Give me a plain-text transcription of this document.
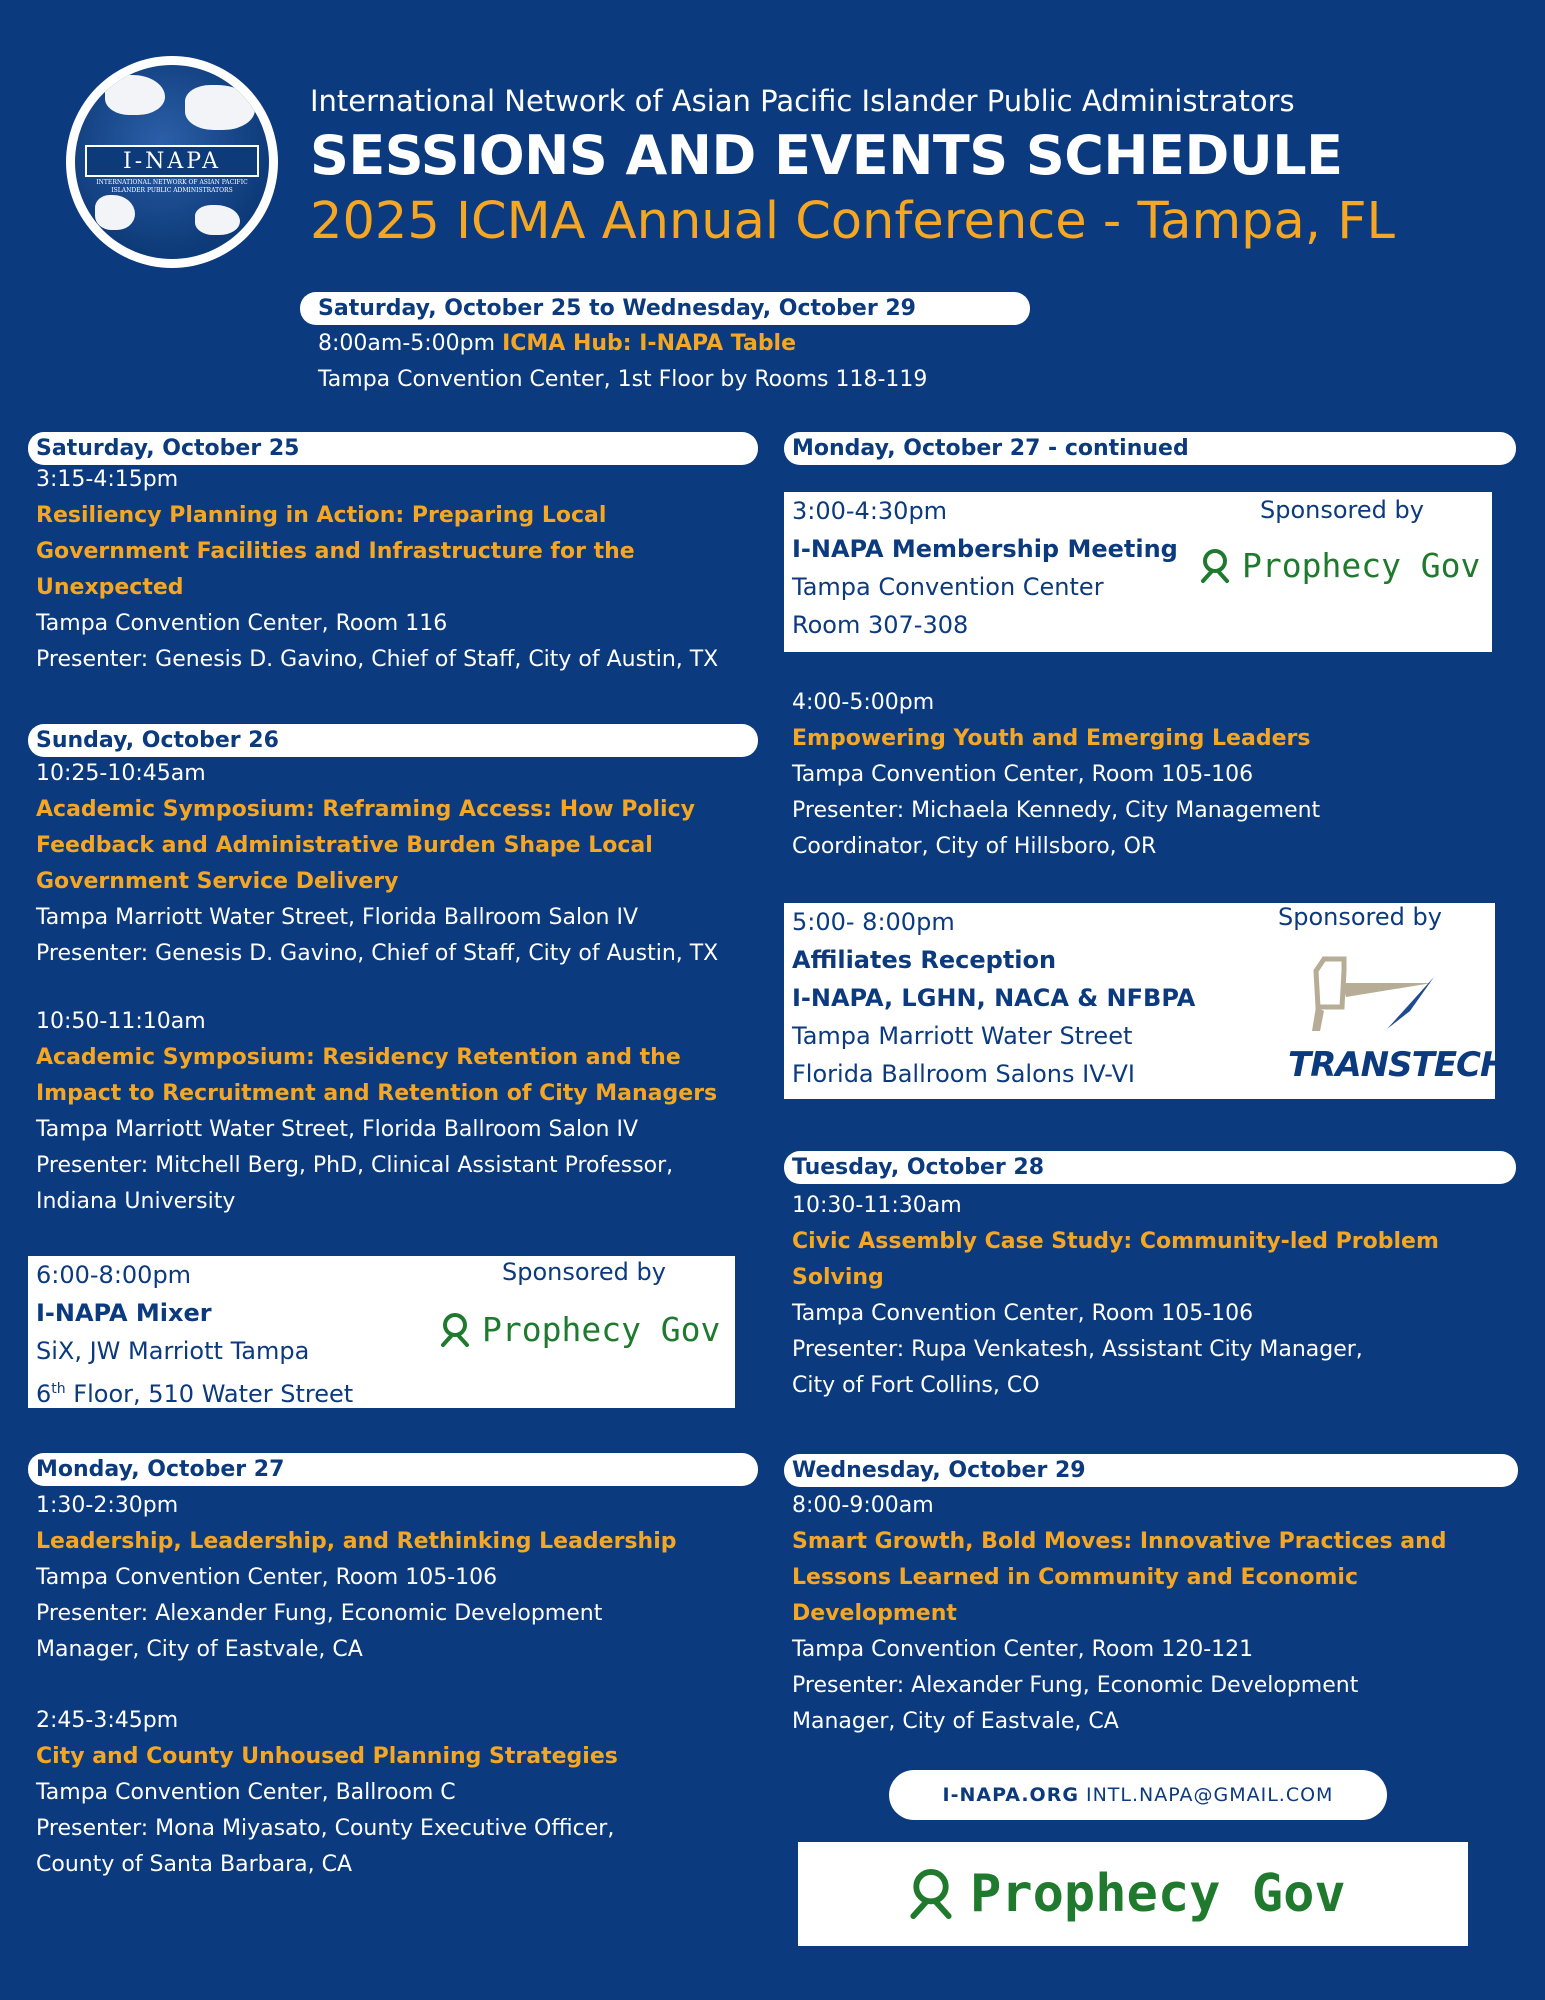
I-NAPA
INTERNATIONAL NETWORK OF ASIAN PACIFIC ISLANDER PUBLIC ADMINISTRATORS
International Network of Asian Pacific Islander Public Administrators
SESSIONS AND EVENTS SCHEDULE
2025 ICMA Annual Conference - Tampa, FL
Saturday, October 25 to Wednesday, October 29
8:00am-5:00pm ICMA Hub: I-NAPA Table
Tampa Convention Center, 1st Floor by Rooms 118-119
Saturday, October 25
3:15-4:15pm
Resiliency Planning in Action: Preparing Local
Government Facilities and Infrastructure for the
Unexpected
Tampa Convention Center, Room 116
Presenter: Genesis D. Gavino, Chief of Staff, City of Austin, TX
Sunday, October 26
10:25-10:45am
Academic Symposium: Reframing Access: How Policy
Feedback and Administrative Burden Shape Local
Government Service Delivery
Tampa Marriott Water Street, Florida Ballroom Salon IV
Presenter: Genesis D. Gavino, Chief of Staff, City of Austin, TX
10:50-11:10am
Academic Symposium: Residency Retention and the
Impact to Recruitment and Retention of City Managers
Tampa Marriott Water Street, Florida Ballroom Salon IV
Presenter: Mitchell Berg, PhD, Clinical Assistant Professor,
Indiana University
6:00-8:00pm
I-NAPA Mixer
SiX, JW Marriott Tampa
6th Floor, 510 Water Street
Sponsored by
Prophecy Gov
Monday, October 27
1:30-2:30pm
Leadership, Leadership, and Rethinking Leadership
Tampa Convention Center, Room 105-106
Presenter: Alexander Fung, Economic Development
Manager, City of Eastvale, CA
2:45-3:45pm
City and County Unhoused Planning Strategies
Tampa Convention Center, Ballroom C
Presenter: Mona Miyasato, County Executive Officer,
County of Santa Barbara, CA
Monday, October 27 - continued
3:00-4:30pm
I-NAPA Membership Meeting
Tampa Convention Center
Room 307-308
Sponsored by
Prophecy Gov
4:00-5:00pm
Empowering Youth and Emerging Leaders
Tampa Convention Center, Room 105-106
Presenter: Michaela Kennedy, City Management
Coordinator, City of Hillsboro, OR
5:00- 8:00pm
Affiliates Reception
I-NAPA, LGHN, NACA & NFBPA
Tampa Marriott Water Street
Florida Ballroom Salons IV-VI
Sponsored by
TRANSTECH
Tuesday, October 28
10:30-11:30am
Civic Assembly Case Study: Community-led Problem
Solving
Tampa Convention Center, Room 105-106
Presenter: Rupa Venkatesh, Assistant City Manager,
City of Fort Collins, CO
Wednesday, October 29
8:00-9:00am
Smart Growth, Bold Moves: Innovative Practices and
Lessons Learned in Community and Economic
Development
Tampa Convention Center, Room 120-121
Presenter: Alexander Fung, Economic Development
Manager, City of Eastvale, CA
I-NAPA.ORG INTL.NAPA@GMAIL.COM
Prophecy Gov
